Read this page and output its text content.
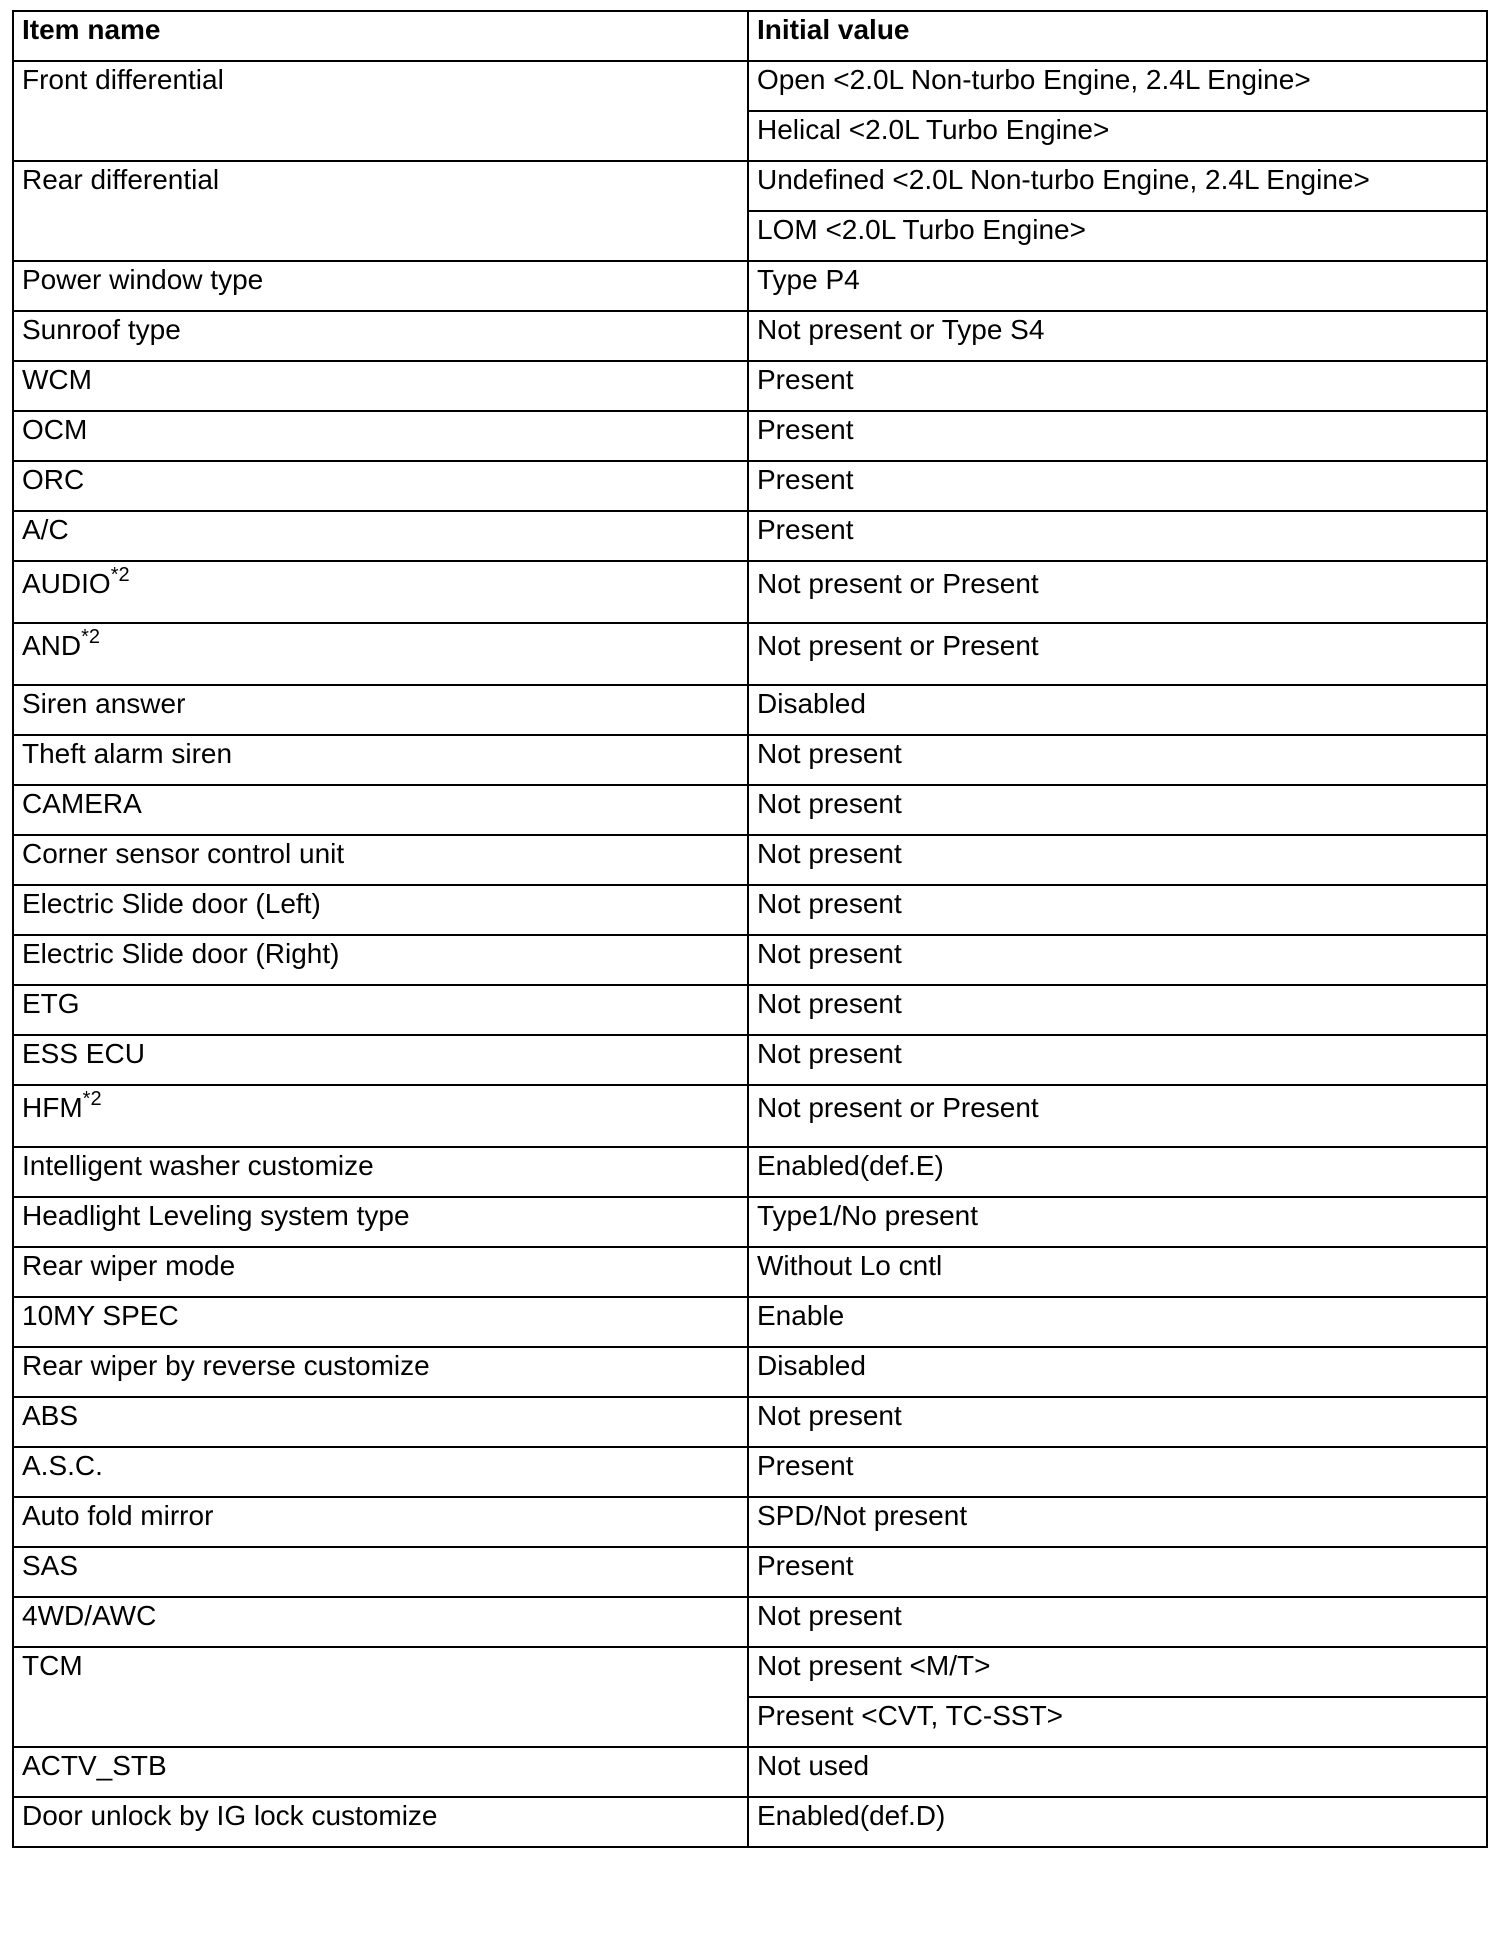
Item name	Initial value
Front differential	Open <2.0L Non-turbo Engine, 2.4L Engine>
	Helical <2.0L Turbo Engine>
Rear differential	Undefined <2.0L Non-turbo Engine, 2.4L Engine>
	LOM <2.0L Turbo Engine>
Power window type	Type P4
Sunroof type	Not present or Type S4
WCM	Present
OCM	Present
ORC	Present
A/C	Present
AUDIO$^{*2}$	Not present or Present
AND$^{*2}$	Not present or Present
Siren answer	Disabled
Theft alarm siren	Not present
CAMERA	Not present
Corner sensor control unit	Not present
Electric Slide door (Left)	Not present
Electric Slide door (Right)	Not present
ETG	Not present
ESS ECU	Not present
HFM$^{*2}$	Not present or Present
Intelligent washer customize	Enabled(def.E)
Headlight Leveling system type	Type1/No present
Rear wiper mode	Without Lo cntl
10MY SPEC	Enable
Rear wiper by reverse customize	Disabled
ABS	Not present
A.S.C.	Present
Auto fold mirror	SPD/Not present
SAS	Present
4WD/AWC	Not present
TCM	Not present <M/T>
	Present <CVT, TC-SST>
ACTV_STB	Not used
Door unlock by IG lock customize	Enabled(def.D)
